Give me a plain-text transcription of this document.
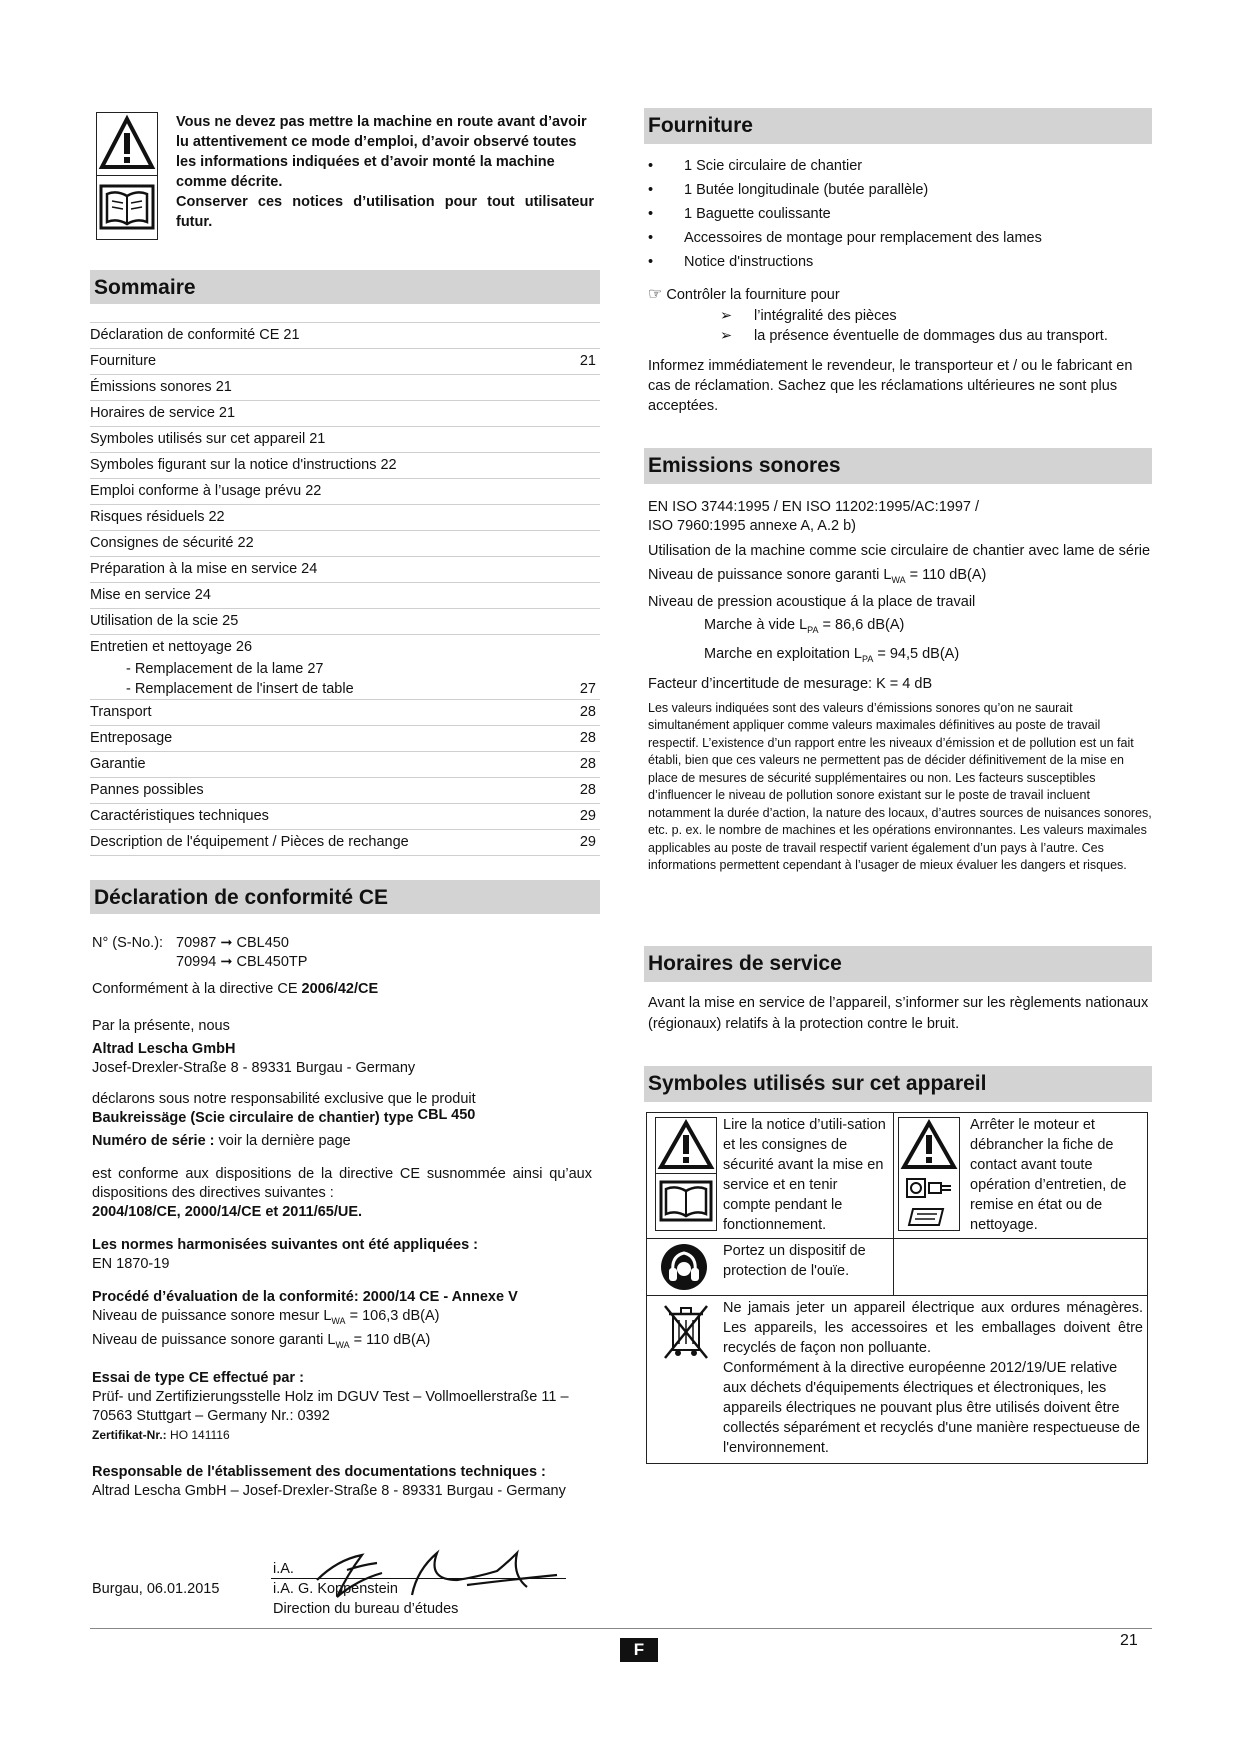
Vous ne devez pas mettre la machine en route avant d’avoir lu attentivement ce mode d’emploi, d’avoir observé toutes les informations indiquées et d’avoir monté la machine comme décrite.

Conserver ces notices d’utilisation pour tout utilisateur futur.

Sommaire
Déclaration de conformité CE 21
Fourniture	21
Émissions sonores 21
Horaires de service 21
Symboles utilisés sur cet appareil 21
Symboles figurant sur la notice d'instructions 22
Emploi conforme à l’usage prévu 22
Risques résiduels 22
Consignes de sécurité 22
Préparation à la mise en service 24
Mise en service 24
Utilisation de la scie 25
Entretien et nettoyage 26
- Remplacement de la lame 27
- Remplacement de l'insert de table	27
Transport	28
Entreposage	28
Garantie	28
Pannes possibles	28
Caractéristiques techniques	29
Description de l'équipement / Pièces de rechange	29
Déclaration de conformité CE
N° (S-No.): 70987 ➞ CBL450
70994 ➞ CBL450TP

Conformément à la directive CE 2006/42/CE

Par la présente, nous

Altrad Lescha GmbH

Josef-Drexler-Straße 8 - 89331 Burgau - Germany

déclarons sous notre responsabilité exclusive que le produit

Baukreissäge (Scie circulaire de chantier) type CBL 450

Numéro de série : voir la dernière page

est conforme aux dispositions de la directive CE susnommée ainsi qu’aux dispositions des directives suivantes :

2004/108/CE, 2000/14/CE et 2011/65/UE.

Les normes harmonisées suivantes ont été appliquées :

EN 1870-19

Procédé d’évaluation de la conformité: 2000/14 CE - Annexe V

Niveau de puissance sonore mesur $L_{WA} = 106,3$ dB(A)

Niveau de puissance sonore garanti $L_{WA} = 110$ dB(A)

Essai de type CE effectué par :

Prüf- und Zertifizierungsstelle Holz im DGUV Test – Vollmoellerstraße 11 –

70563 Stuttgart – Germany Nr.: 0392

Zertifikat-Nr.: HO 141116

Responsable de l'établissement des documentations techniques :

Altrad Lescha GmbH – Josef-Drexler-Straße 8 - 89331 Burgau - Germany

Burgau, 06.01.2015
i.A.
i.A. G. Koppenstein
Direction du bureau d’études
Fourniture
• 1 Scie circulaire de chantier
• 1 Butée longitudinale (butée parallèle)
• 1 Baguette coulissante
• Accessoires de montage pour remplacement des lames
• Notice d'instructions
☞ Contrôler la fourniture pour
➢ l’intégralité des pièces
➢ la présence éventuelle de dommages dus au transport.

Informez immédiatement le revendeur, le transporteur et / ou le fabricant en cas de réclamation. Sachez que les réclamations ultérieures ne sont plus acceptées.

Emissions sonores

EN ISO 3744:1995 / EN ISO 11202:1995/AC:1997 /

ISO 7960:1995 annexe A, A.2 b)

Utilisation de la machine comme scie circulaire de chantier avec lame de série

Niveau de puissance sonore garanti $L_{WA} = 110$ dB(A)

Niveau de pression acoustique á la place de travail

Marche à vide $L_{PA} = 86,6$ dB(A)

Marche en exploitation $L_{PA} = 94,5$ dB(A)

Facteur d’incertitude de mesurage: K = 4 dB

Les valeurs indiquées sont des valeurs d’émissions sonores qu’on ne saurait simultanément appliquer comme valeurs maximales définitives au poste de travail respectif. L’existence d’un rapport entre les niveaux d’émission et de pollution est un fait établi, bien que ces valeurs ne permettent pas de décider définitivement de la mise en place de mesures de sécurité supplémentaires ou non. Les facteurs susceptibles d’influencer le niveau de pollution sonore existant sur le poste de travail incluent notamment la durée d’action, la nature des locaux, d’autres sources de nuisances sonores, etc. p. ex. le nombre de machines et les opérations environnantes. Les valeurs maximales applicables au poste de travail respectif varient également d’un pays à l’autre. Ces informations permettent cependant à l’usager de mieux évaluer les dangers et risques.

Horaires de service

Avant la mise en service de l’appareil, s’informer sur les règlements nationaux (régionaux) relatifs à la protection contre le bruit.

Symboles utilisés sur cet appareil

Lire la notice d’utili-sation et les consignes de sécurité avant la mise en service et en tenir compte pendant le fonctionnement.

Arrêter le moteur et débrancher la fiche de contact avant toute opération d’entretien, de remise en état ou de nettoyage.

Portez un dispositif de protection de l'ouïe.

Ne jamais jeter un appareil électrique aux ordures ménagères. Les appareils, les accessoires et les emballages doivent être recyclés de façon non polluante.

Conformément à la directive européenne 2012/19/UE relative aux déchets d'équipements électriques et électroniques, les appareils électriques ne pouvant plus être utilisés doivent être collectés séparément et recyclés d'une manière respectueuse de l'environnement.

F	21
